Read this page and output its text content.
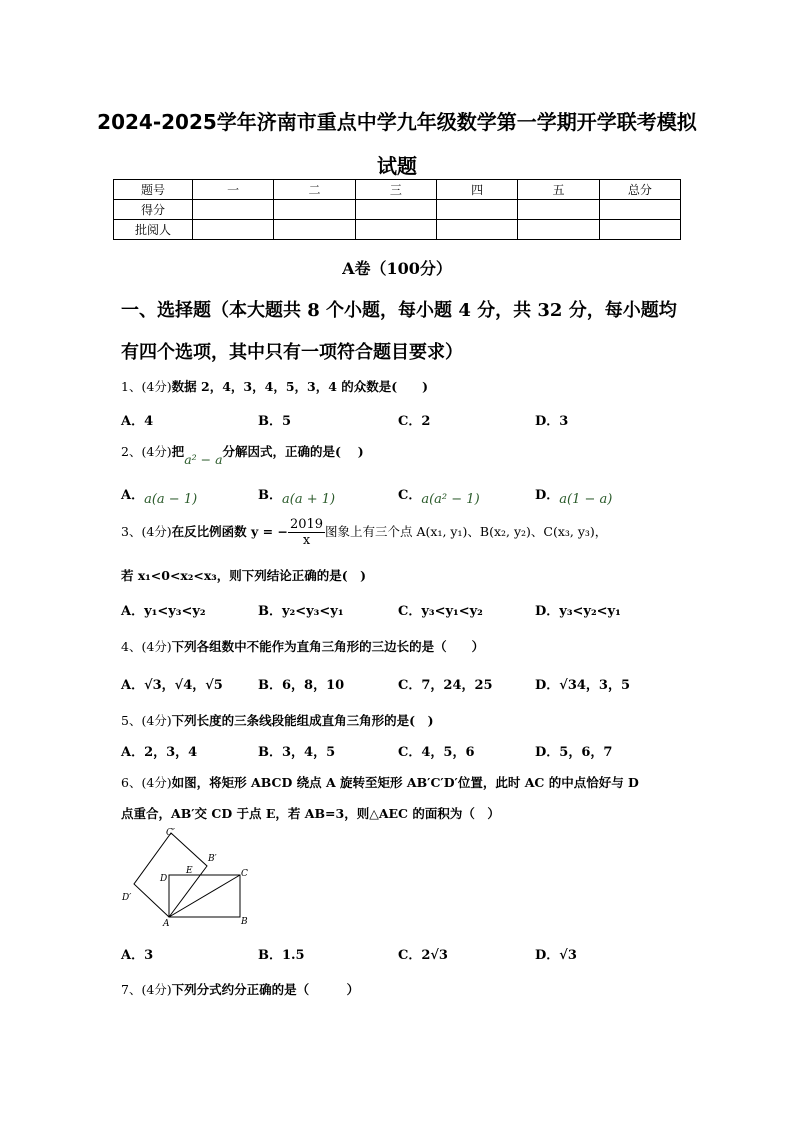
2024-2025学年济南市重点中学九年级数学第一学期开学联考模拟
试题
题号	一	二	三	四	五	总分
得分						
批阅人						
A卷（100分）
一、选择题（本大题共 8 个小题，每小题 4 分，共 32 分，每小题均
有四个选项，其中只有一项符合题目要求）
1、(4分)数据 2，4，3，4，5，3，4 的众数是(　　)
A．4	B．5	C．2	D．3
2、(4分)把a² − a分解因式，正确的是(　 )
A．a(a − 1)	B．a(a + 1)	C．a(a² − 1)	D．a(1 − a)
3、(4分)在反比例函数 y = − $\frac{2019}{x}$ 图象上有三个点 A(x₁, y₁)、B(x₂, y₂)、C(x₃, y₃)，
若 x₁<0<x₂<x₃，则下列结论正确的是(　)
A．y₁<y₃<y₂	B．y₂<y₃<y₁	C．y₃<y₁<y₂	D．y₃<y₂<y₁
4、(4分)下列各组数中不能作为直角三角形的三边长的是（　　）
A．√3，√4，√5	B．6，8，10	C．7，24，25	D．√34，3，5
5、(4分)下列长度的三条线段能组成直角三角形的是(　)
A．2，3，4	B．3，4，5	C．4，5，6	D．5，6，7
6、(4分)如图，将矩形 ABCD 绕点 A 旋转至矩形 AB′C′D′位置，此时 AC 的中点恰好与 D
点重合，AB′交 CD 于点 E，若 AB=3，则△AEC 的面积为（　）
C′
B′
D
E	C
D′
A	B
A．3	B．1.5	C．2√3	D．√3
7、(4分)下列分式约分正确的是（　　　）
